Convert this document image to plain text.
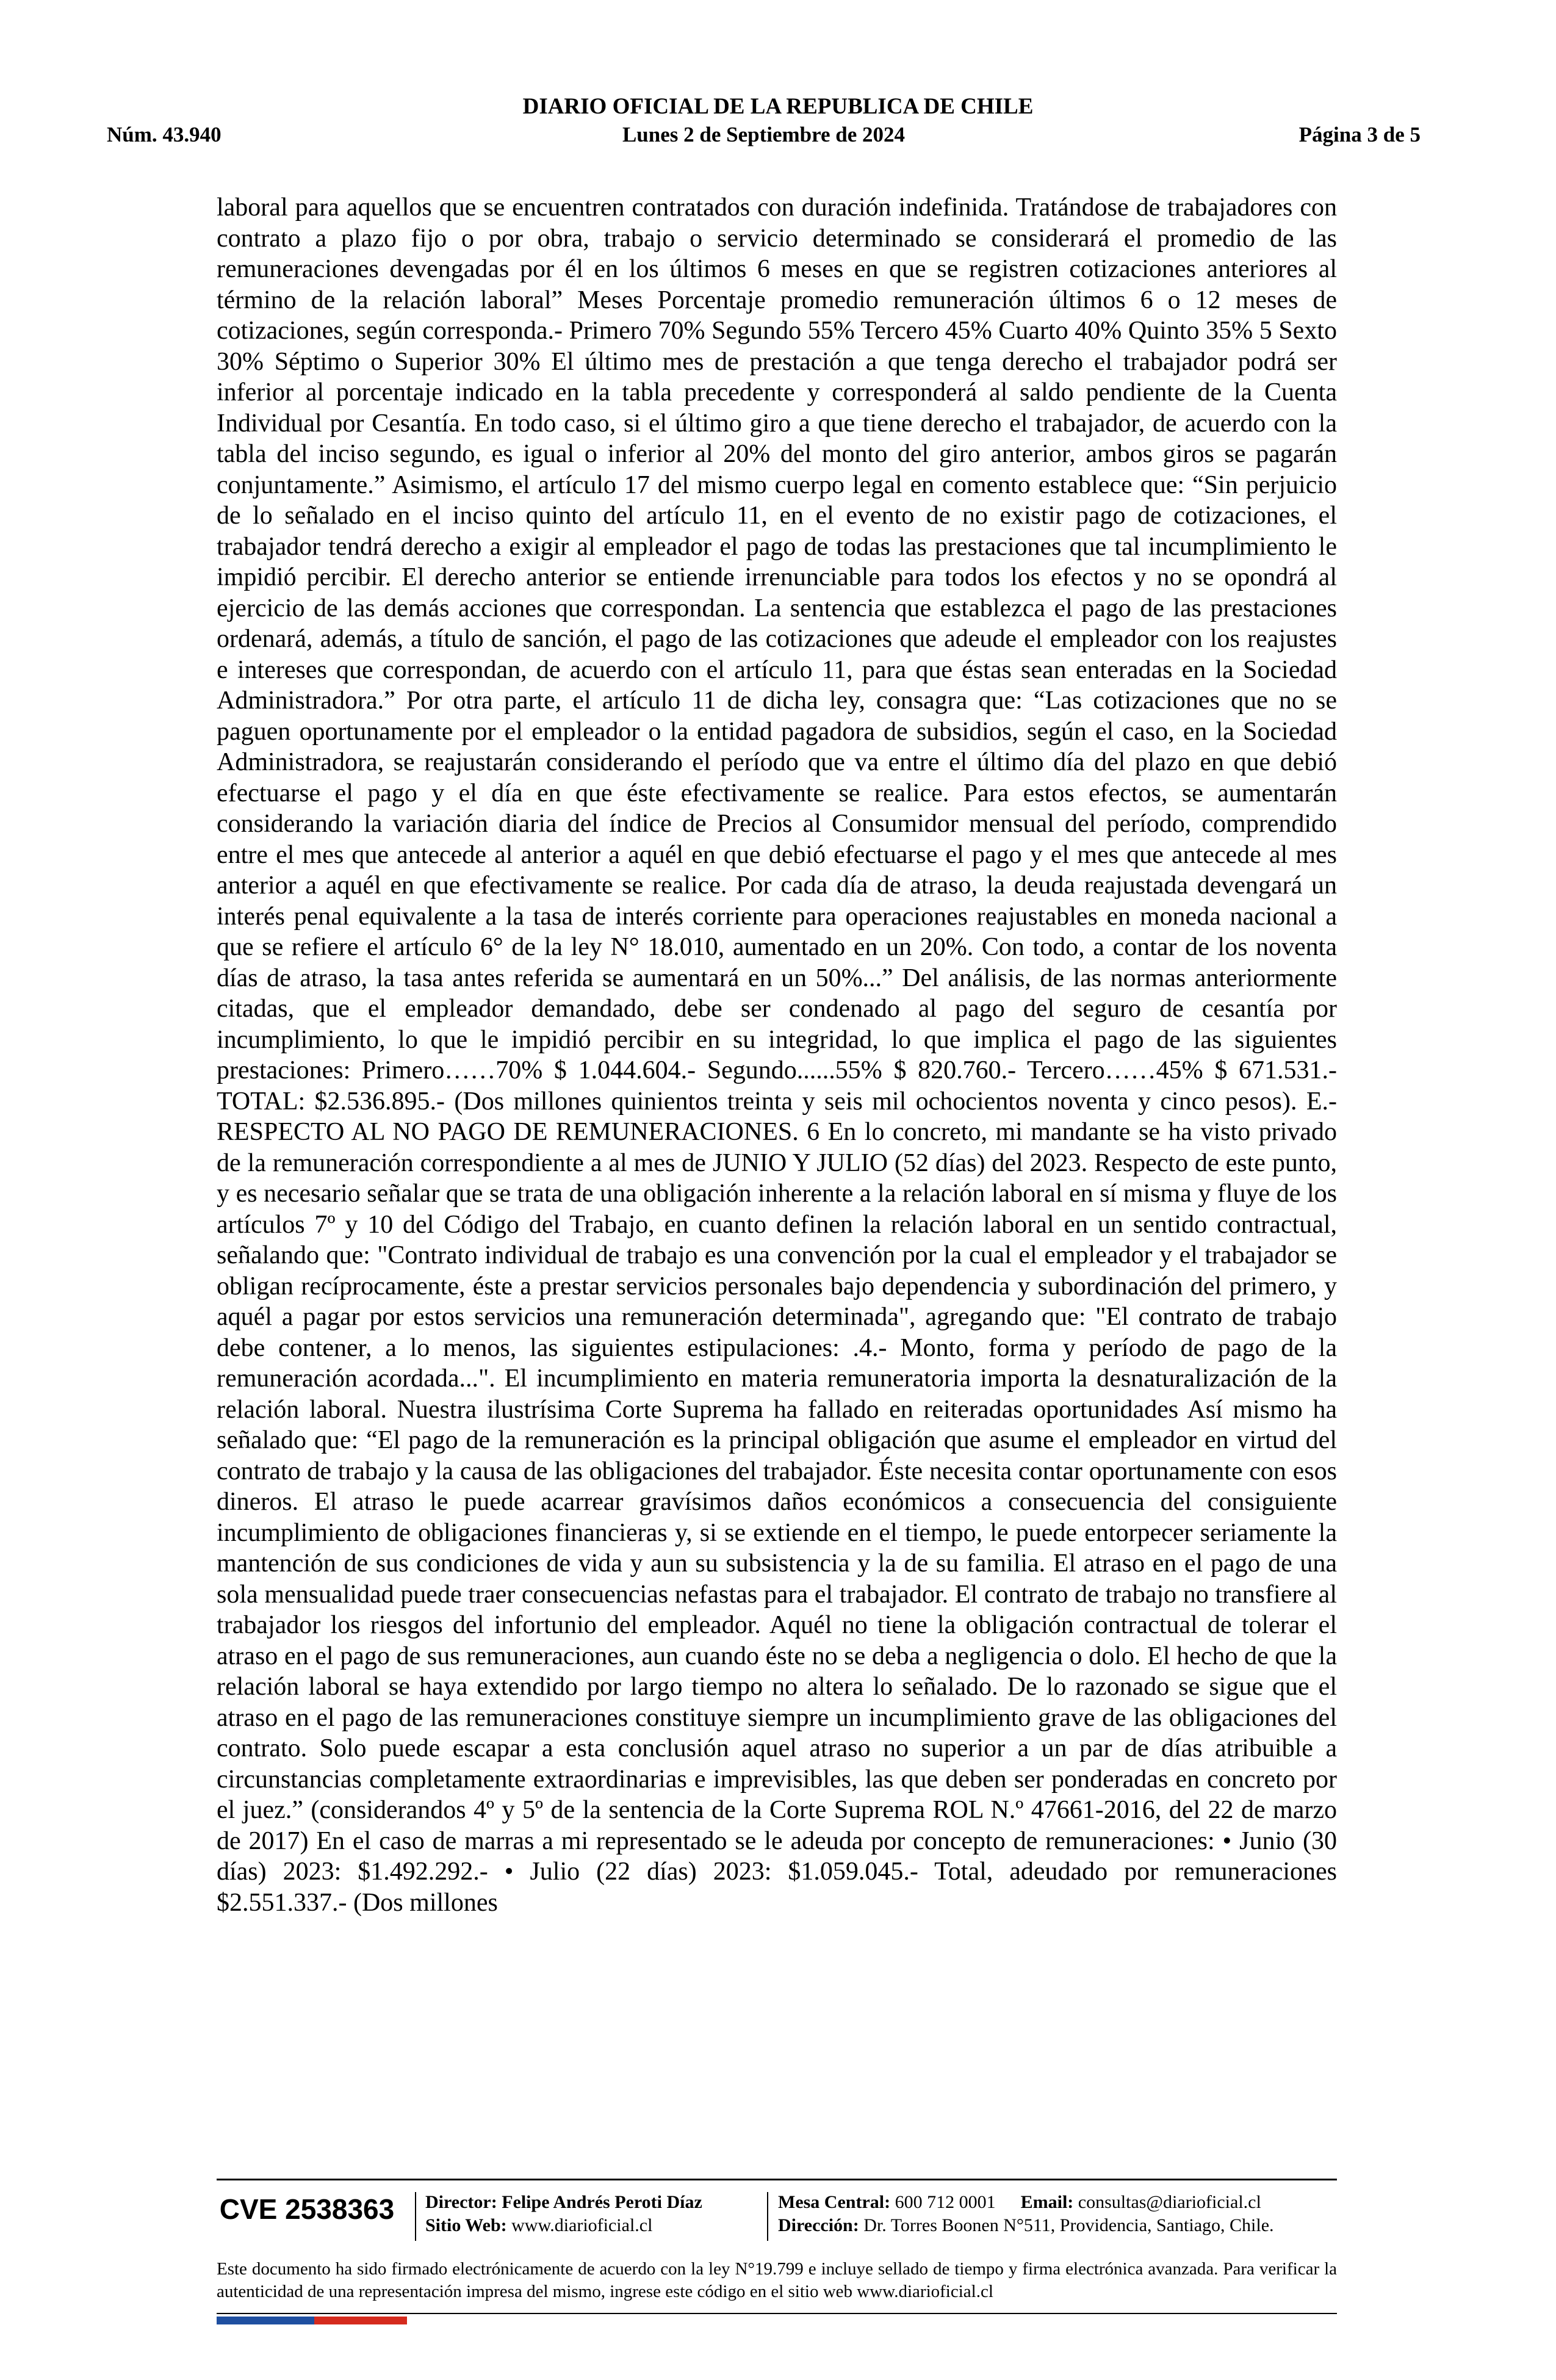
DIARIO OFICIAL DE LA REPUBLICA DE CHILE
Lunes 2 de Septiembre de 2024
Núm. 43.940	Página 3 de 5

laboral para aquellos que se encuentren contratados con duración indefinida. Tratándose de trabajadores con contrato a plazo fijo o por obra, trabajo o servicio determinado se considerará el promedio de las remuneraciones devengadas por él en los últimos 6 meses en que se registren cotizaciones anteriores al término de la relación laboral” Meses Porcentaje promedio remuneración últimos 6 o 12 meses de cotizaciones, según corresponda.- Primero 70% Segundo 55% Tercero 45% Cuarto 40% Quinto 35% 5 Sexto 30% Séptimo o Superior 30% El último mes de prestación a que tenga derecho el trabajador podrá ser inferior al porcentaje indicado en la tabla precedente y corresponderá al saldo pendiente de la Cuenta Individual por Cesantía. En todo caso, si el último giro a que tiene derecho el trabajador, de acuerdo con la tabla del inciso segundo, es igual o inferior al 20% del monto del giro anterior, ambos giros se pagarán conjuntamente.” Asimismo, el artículo 17 del mismo cuerpo legal en comento establece que: “Sin perjuicio de lo señalado en el inciso quinto del artículo 11, en el evento de no existir pago de cotizaciones, el trabajador tendrá derecho a exigir al empleador el pago de todas las prestaciones que tal incumplimiento le impidió percibir. El derecho anterior se entiende irrenunciable para todos los efectos y no se opondrá al ejercicio de las demás acciones que correspondan. La sentencia que establezca el pago de las prestaciones ordenará, además, a título de sanción, el pago de las cotizaciones que adeude el empleador con los reajustes e intereses que correspondan, de acuerdo con el artículo 11, para que éstas sean enteradas en la Sociedad Administradora.” Por otra parte, el artículo 11 de dicha ley, consagra que: “Las cotizaciones que no se paguen oportunamente por el empleador o la entidad pagadora de subsidios, según el caso, en la Sociedad Administradora, se reajustarán considerando el período que va entre el último día del plazo en que debió efectuarse el pago y el día en que éste efectivamente se realice. Para estos efectos, se aumentarán considerando la variación diaria del índice de Precios al Consumidor mensual del período, comprendido entre el mes que antecede al anterior a aquél en que debió efectuarse el pago y el mes que antecede al mes anterior a aquél en que efectivamente se realice. Por cada día de atraso, la deuda reajustada devengará un interés penal equivalente a la tasa de interés corriente para operaciones reajustables en moneda nacional a que se refiere el artículo 6° de la ley N° 18.010, aumentado en un 20%. Con todo, a contar de los noventa días de atraso, la tasa antes referida se aumentará en un 50%...” Del análisis, de las normas anteriormente citadas, que el empleador demandado, debe ser condenado al pago del seguro de cesantía por incumplimiento, lo que le impidió percibir en su integridad, lo que implica el pago de las siguientes prestaciones: Primero……70% $ 1.044.604.- Segundo......55% $ 820.760.- Tercero……45% $ 671.531.- TOTAL: $2.536.895.- (Dos millones quinientos treinta y seis mil ochocientos noventa y cinco pesos). E.- RESPECTO AL NO PAGO DE REMUNERACIONES. 6 En lo concreto, mi mandante se ha visto privado de la remuneración correspondiente a al mes de JUNIO Y JULIO (52 días) del 2023. Respecto de este punto, y es necesario señalar que se trata de una obligación inherente a la relación laboral en sí misma y fluye de los artículos 7º y 10 del Código del Trabajo, en cuanto definen la relación laboral en un sentido contractual, señalando que: "Contrato individual de trabajo es una convención por la cual el empleador y el trabajador se obligan recíprocamente, éste a prestar servicios personales bajo dependencia y subordinación del primero, y aquél a pagar por estos servicios una remuneración determinada", agregando que: "El contrato de trabajo debe contener, a lo menos, las siguientes estipulaciones: .4.- Monto, forma y período de pago de la remuneración acordada...". El incumplimiento en materia remuneratoria importa la desnaturalización de la relación laboral. Nuestra ilustrísima Corte Suprema ha fallado en reiteradas oportunidades Así mismo ha señalado que: “El pago de la remuneración es la principal obligación que asume el empleador en virtud del contrato de trabajo y la causa de las obligaciones del trabajador. Éste necesita contar oportunamente con esos dineros. El atraso le puede acarrear gravísimos daños económicos a consecuencia del consiguiente incumplimiento de obligaciones financieras y, si se extiende en el tiempo, le puede entorpecer seriamente la mantención de sus condiciones de vida y aun su subsistencia y la de su familia. El atraso en el pago de una sola mensualidad puede traer consecuencias nefastas para el trabajador. El contrato de trabajo no transfiere al trabajador los riesgos del infortunio del empleador. Aquél no tiene la obligación contractual de tolerar el atraso en el pago de sus remuneraciones, aun cuando éste no se deba a negligencia o dolo. El hecho de que la relación laboral se haya extendido por largo tiempo no altera lo señalado. De lo razonado se sigue que el atraso en el pago de las remuneraciones constituye siempre un incumplimiento grave de las obligaciones del contrato. Solo puede escapar a esta conclusión aquel atraso no superior a un par de días atribuible a circunstancias completamente extraordinarias e imprevisibles, las que deben ser ponderadas en concreto por el juez.” (considerandos 4º y 5º de la sentencia de la Corte Suprema ROL N.º 47661-2016, del 22 de marzo de 2017) En el caso de marras a mi representado se le adeuda por concepto de remuneraciones: • Junio (30 días) 2023: $1.492.292.- • Julio (22 días) 2023: $1.059.045.- Total, adeudado por remuneraciones $2.551.337.- (Dos millones

CVE 2538363	Director: Felipe Andrés Peroti Díaz
Sitio Web: www.diarioficial.cl
Mesa Central: 600 712 0001 Email: consultas@diarioficial.cl
Dirección: Dr. Torres Boonen N°511, Providencia, Santiago, Chile.

Este documento ha sido firmado electrónicamente de acuerdo con la ley N°19.799 e incluye sellado de tiempo y firma electrónica avanzada. Para verificar la autenticidad de una representación impresa del mismo, ingrese este código en el sitio web www.diarioficial.cl
